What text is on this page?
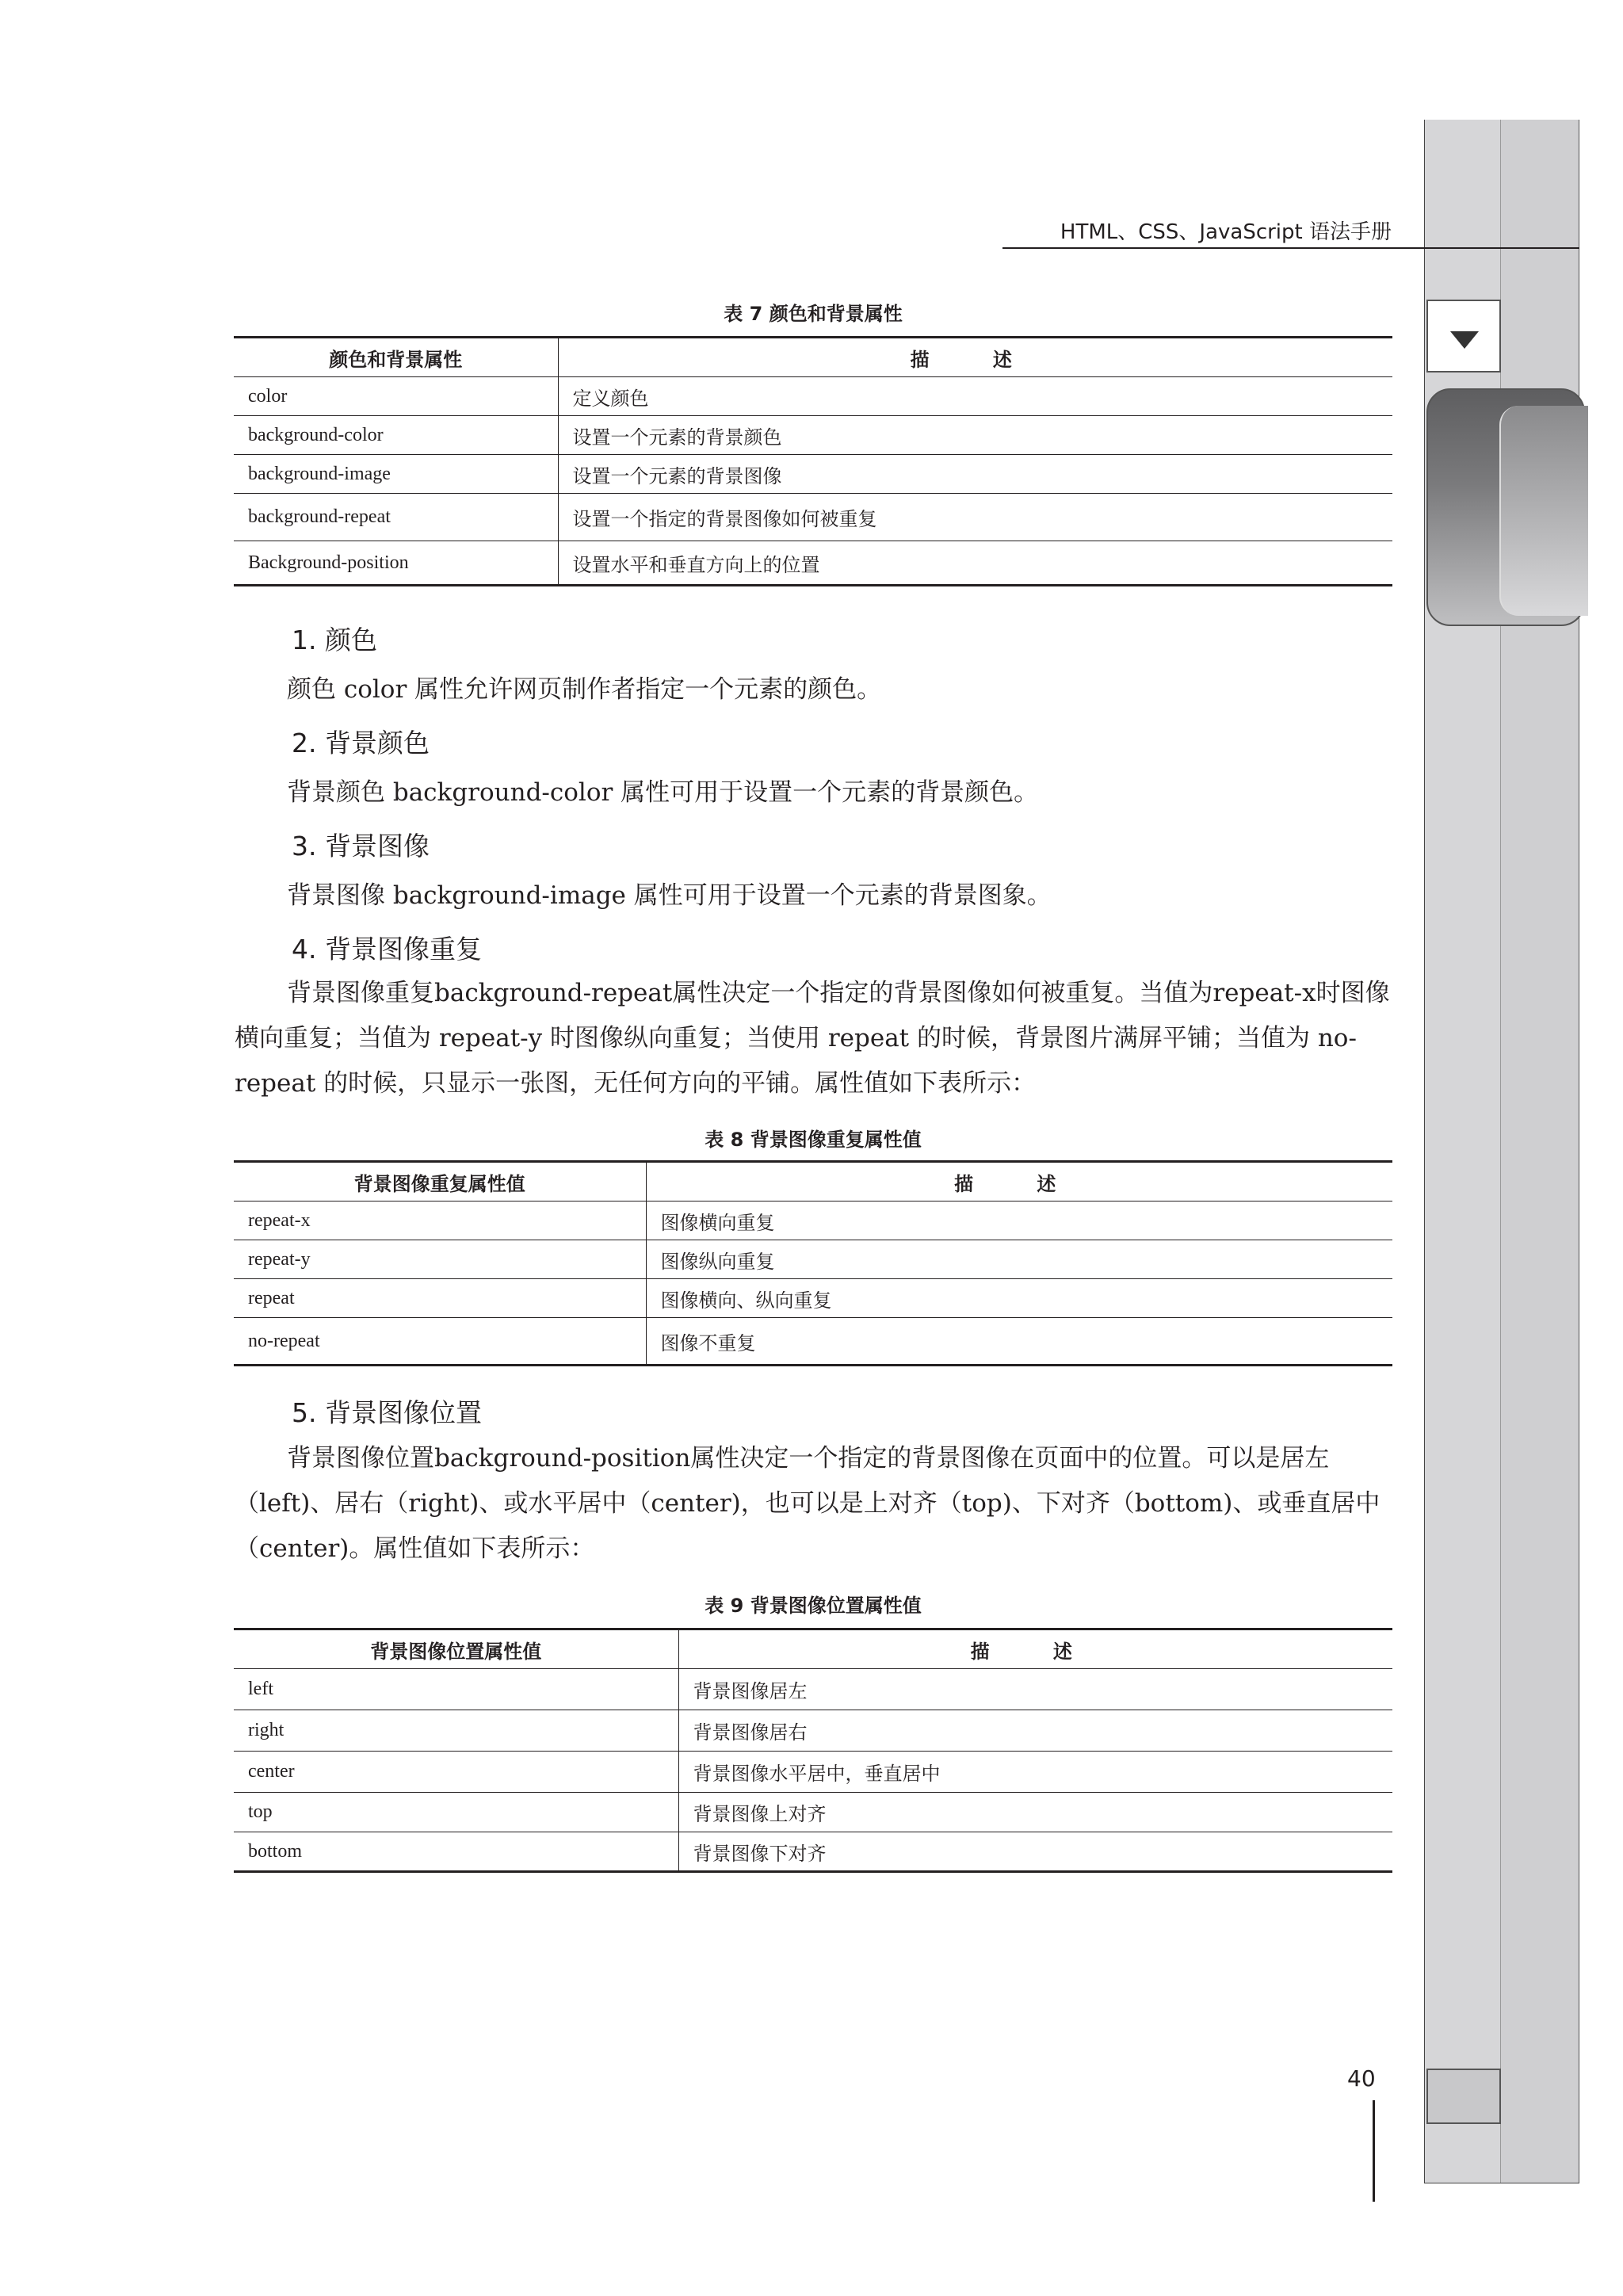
HTML、CSS、JavaScript 语法手册
40
表 7 颜色和背景属性
颜色和背景属性	描 述
color	定义颜色
background-color	设置一个元素的背景颜色
background-image	设置一个元素的背景图像
background-repeat	设置一个指定的背景图像如何被重复
Background-position	设置水平和垂直方向上的位置
1. 颜色
颜色 color 属性允许网页制作者指定一个元素的颜色。
2. 背景颜色
背景颜色 background-color 属性可用于设置一个元素的背景颜色。
3. 背景图像
背景图像 background-image 属性可用于设置一个元素的背景图象。
4. 背景图像重复
背景图像重复background-repeat属性决定一个指定的背景图像如何被重复。当值为repeat-x时图像横向重复；当值为 repeat-y 时图像纵向重复；当使用 repeat 的时候，背景图片满屏平铺；当值为 no-repeat 的时候，只显示一张图，无任何方向的平铺。属性值如下表所示：
表 8 背景图像重复属性值
背景图像重复属性值	描 述
repeat-x	图像横向重复
repeat-y	图像纵向重复
repeat	图像横向、纵向重复
no-repeat	图像不重复
5. 背景图像位置
背景图像位置background-position属性决定一个指定的背景图像在页面中的位置。可以是居左（left)、居右（right)、或水平居中（center)，也可以是上对齐（top)、下对齐（bottom)、或垂直居中（center)。属性值如下表所示：
表 9 背景图像位置属性值
背景图像位置属性值	描 述
left	背景图像居左
right	背景图像居右
center	背景图像水平居中，垂直居中
top	背景图像上对齐
bottom	背景图像下对齐
